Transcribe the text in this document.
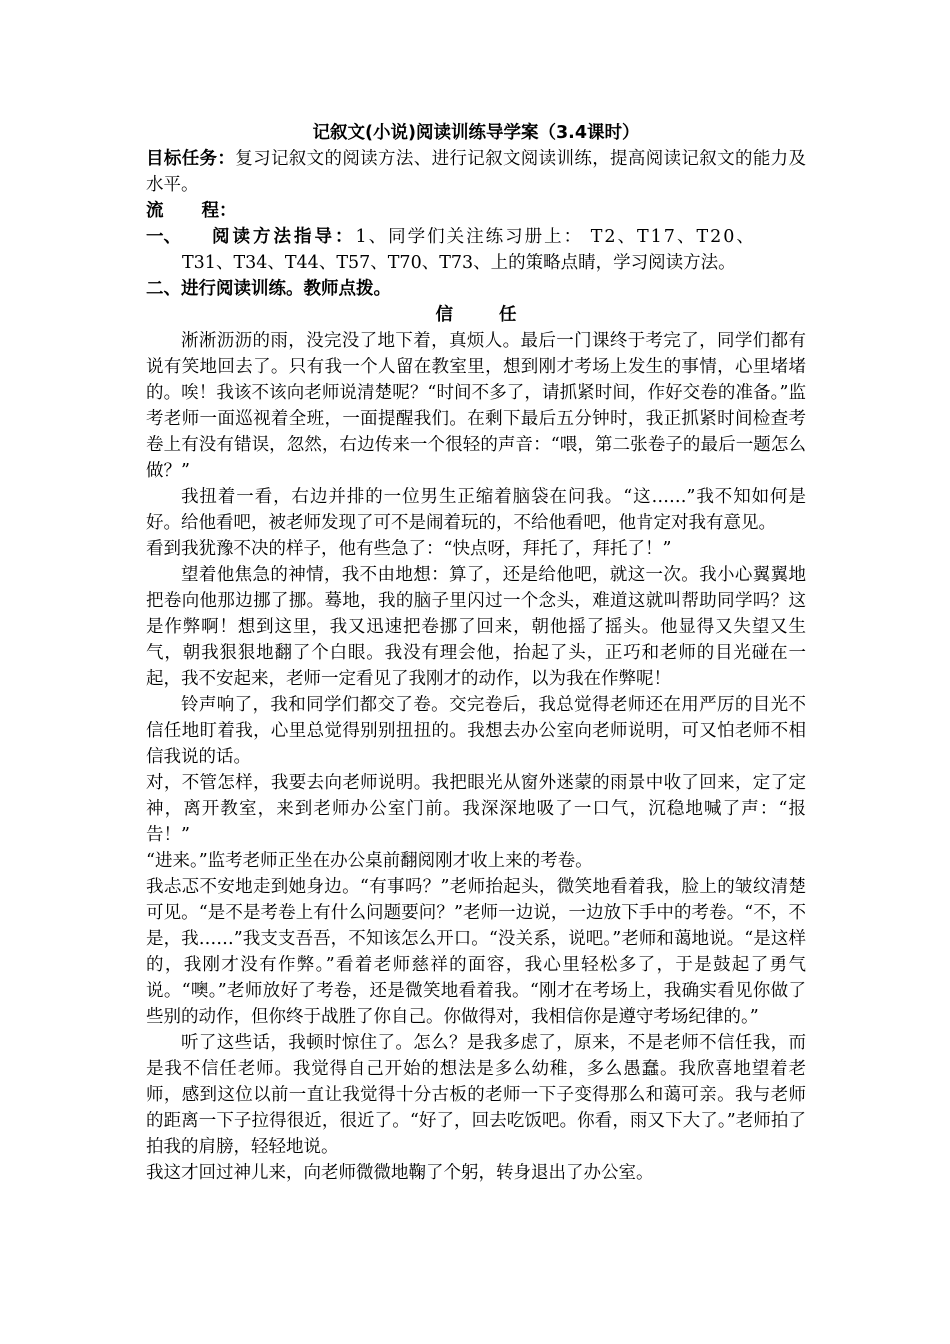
记叙文(小说)阅读训练导学案（3.4课时）

目标任务：复习记叙文的阅读方法、进行记叙文阅读训练，提高阅读记叙文的能力及水平。

流 程：

一、 阅读方法指导：1、同学们关注练习册上： T2、T17、T20、

T31、T34、T44、T57、T70、T73、上的策略点睛，学习阅读方法。

二、进行阅读训练。教师点拨。

信任

淅淅沥沥的雨，没完没了地下着，真烦人。最后一门课终于考完了，同学们都有说有笑地回去了。只有我一个人留在教室里，想到刚才考场上发生的事情，心里堵堵的。唉！我该不该向老师说清楚呢？“时间不多了，请抓紧时间，作好交卷的准备。”监考老师一面巡视着全班，一面提醒我们。在剩下最后五分钟时，我正抓紧时间检查考卷上有没有错误，忽然，右边传来一个很轻的声音：“喂，第二张卷子的最后一题怎么做？”

我扭着一看，右边并排的一位男生正缩着脑袋在问我。“这……”我不知如何是好。给他看吧，被老师发现了可不是闹着玩的，不给他看吧，他肯定对我有意见。

看到我犹豫不决的样子，他有些急了：“快点呀，拜托了，拜托了！”

望着他焦急的神情，我不由地想：算了，还是给他吧，就这一次。我小心翼翼地把卷向他那边挪了挪。蓦地，我的脑子里闪过一个念头，难道这就叫帮助同学吗？这是作弊啊！想到这里，我又迅速把卷挪了回来，朝他摇了摇头。他显得又失望又生气，朝我狠狠地翻了个白眼。我没有理会他，抬起了头，正巧和老师的目光碰在一起，我不安起来，老师一定看见了我刚才的动作，以为我在作弊呢！

铃声响了，我和同学们都交了卷。交完卷后，我总觉得老师还在用严厉的目光不信任地盯着我，心里总觉得别别扭扭的。我想去办公室向老师说明，可又怕老师不相信我说的话。

对，不管怎样，我要去向老师说明。我把眼光从窗外迷蒙的雨景中收了回来，定了定神，离开教室，来到老师办公室门前。我深深地吸了一口气，沉稳地喊了声：“报告！”

“进来。”监考老师正坐在办公桌前翻阅刚才收上来的考卷。

我忐忑不安地走到她身边。“有事吗？”老师抬起头，微笑地看着我，脸上的皱纹清楚可见。“是不是考卷上有什么问题要问？”老师一边说，一边放下手中的考卷。“不，不是，我……”我支支吾吾，不知该怎么开口。“没关系，说吧。”老师和蔼地说。“是这样的，我刚才没有作弊。”看着老师慈祥的面容，我心里轻松多了，于是鼓起了勇气说。“噢。”老师放好了考卷，还是微笑地看着我。“刚才在考场上，我确实看见你做了些别的动作，但你终于战胜了你自己。你做得对，我相信你是遵守考场纪律的。”

听了这些话，我顿时惊住了。怎么？是我多虑了，原来，不是老师不信任我，而是我不信任老师。我觉得自己开始的想法是多么幼稚，多么愚蠢。我欣喜地望着老师，感到这位以前一直让我觉得十分古板的老师一下子变得那么和蔼可亲。我与老师的距离一下子拉得很近，很近了。“好了，回去吃饭吧。你看，雨又下大了。”老师拍了拍我的肩膀，轻轻地说。

我这才回过神儿来，向老师微微地鞠了个躬，转身退出了办公室。
